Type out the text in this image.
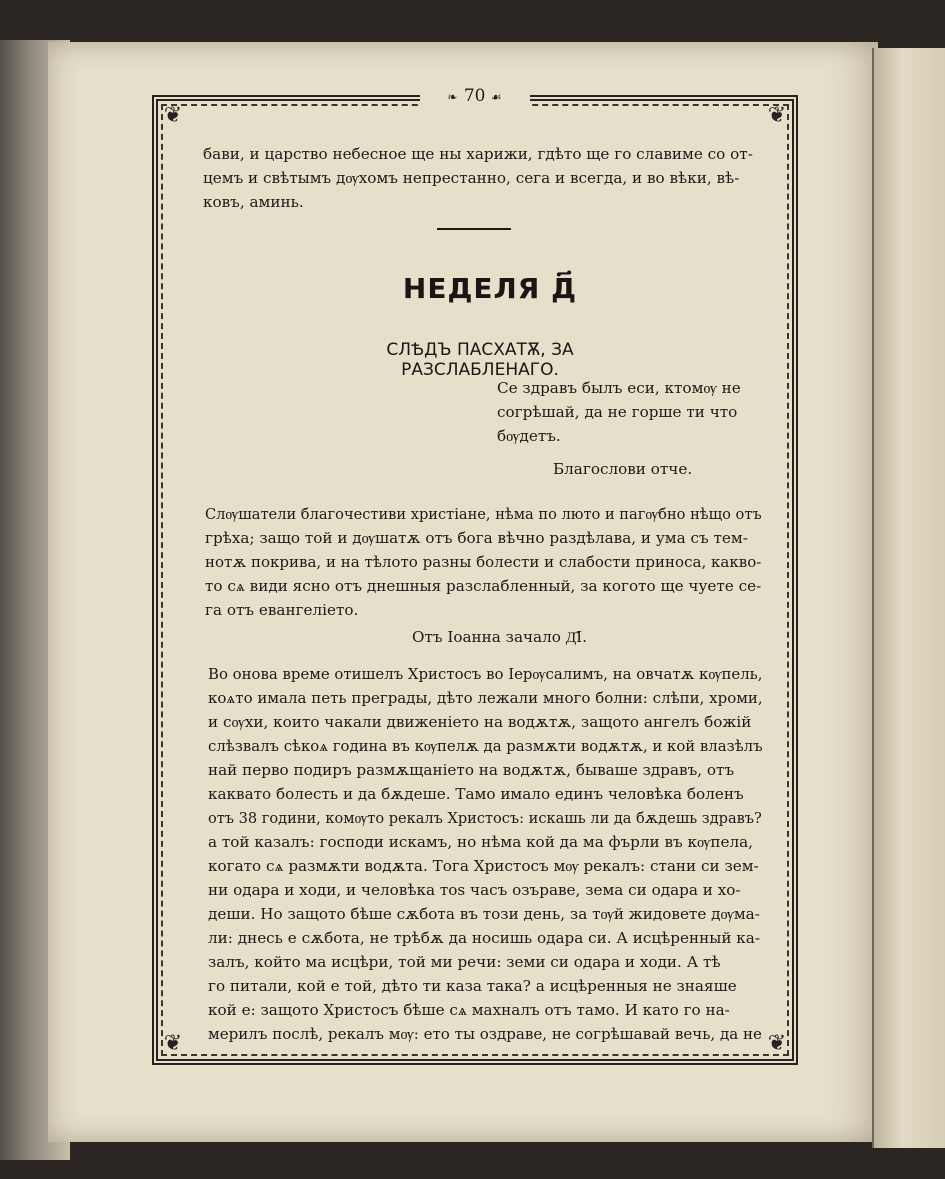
❦	❦
❦	❦
❧ 70 ☙
бави, и царство небесное ще ны харижи, гдѣто ще го славиме со от-
цемъ и свѣтымъ дѹхомъ непрестанно, сега и всегда, и во вѣки, вѣ-
ковъ, аминь.
НЕДЕЛЯ Д҃
СЛѢДЪ ПАСХАТѪ, ЗА РАЗСЛАБЛЕНАГО.
Се здравъ былъ еси, ктомѹ не
согрѣшай, да не горше ти что
бѹдетъ.
Благослови отче.
Слѹшатели благочестиви христiане, нѣма по люто и пагѹбно нѣщо отъ
грѣха; защо той и дѹшатѫ отъ бога вѣчно раздѣлава, и ума съ тем-
нотѫ покрива, и на тѣлото разны болести и слабости приноса, каквo-
то сѧ види ясно отъ днешныя разслабленный, за когото ще чуете се-
га отъ евангелiето.
Отъ Iоанна зачало Д҃I.
Во онова време отишелъ Христосъ во Iерѹсалимъ, на овчатѫ кѹпель,
коѧто имала петь преграды, дѣто лежали много болни: слѣпи, хроми,
и сѹхи, които чакали движенiето на водѫтѫ, защото ангелъ божiй
слѣзвалъ сѣкоѧ година въ кѹпелѫ да размѫти водѫтѫ, и кой влазѣлъ
най перво подиръ размѫщанiето на водѫтѫ, бывaше здравъ, отъ
каквато болесть и да бѫдеше. Тамо имало единъ человѣка боленъ
отъ 38 години, комѹто рекалъ Христосъ: искашь ли да бѫдешь здравъ?
а той казалъ: господи искамъ, но нѣма кой да ма фърли въ кѹпела,
когато сѧ размѫти водѫта. Тога Христосъ мѹ рекалъ: стани си зем-
ни одара и ходи, и человѣка тоѕ часъ озъраве, зема си одара и хо-
деши. Но защото бѣше сѫбота въ този день, за тѹй жидовете дѹма-
ли: днесь е сѫбота, не трѣбѫ да носишь одара си. А исцѣренный ка-
залъ, който ма исцѣри, той ми речи: земи си одара и ходи. А тѣ
го питали, кой е той, дѣто ти каза така? а исцѣренныя не знаяше
кой е: защото Христосъ бѣше сѧ махналъ отъ тамо. И като го на-
мерилъ послѣ, рекалъ мѹ: ето ты оздраве, не согрѣшавай вечь, да не
